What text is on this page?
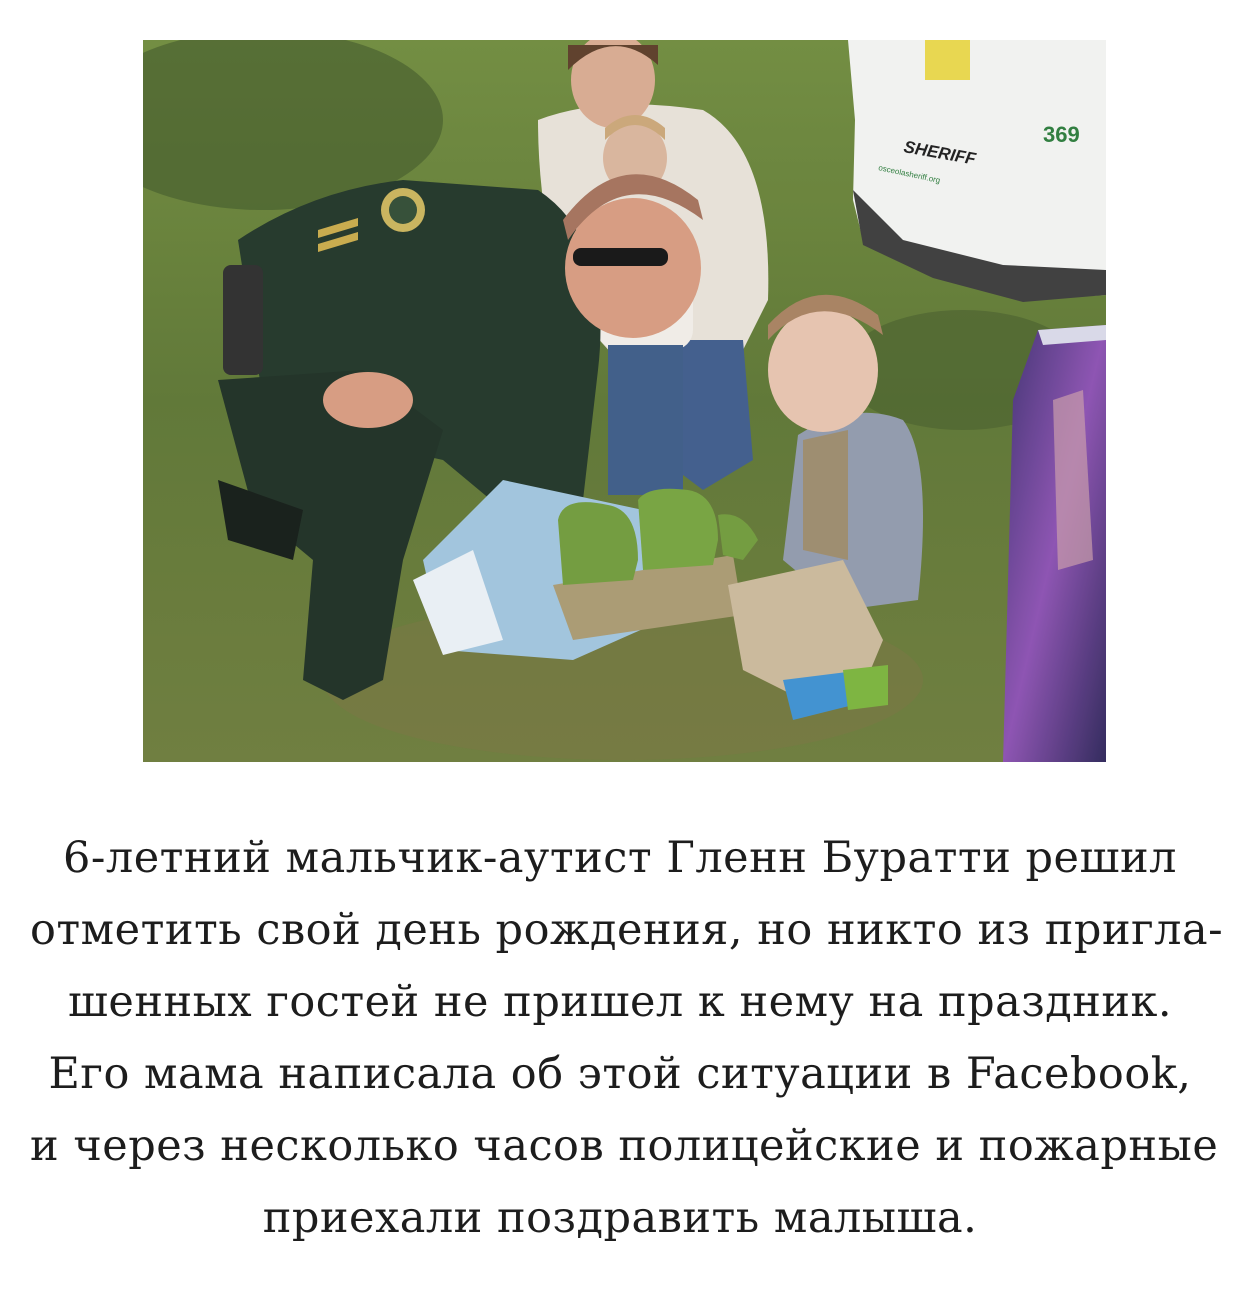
SHERIFF
369
osceolasheriff.org
6-летний мальчик-аутист Гленн Буратти решил
отметить свой день рождения, но никто из пригла-
шенных гостей не пришел к нему на праздник.
Его мама написала об этой ситуации в Facebook,
и через несколько часов полицейские и пожарные
приехали поздравить малыша.
